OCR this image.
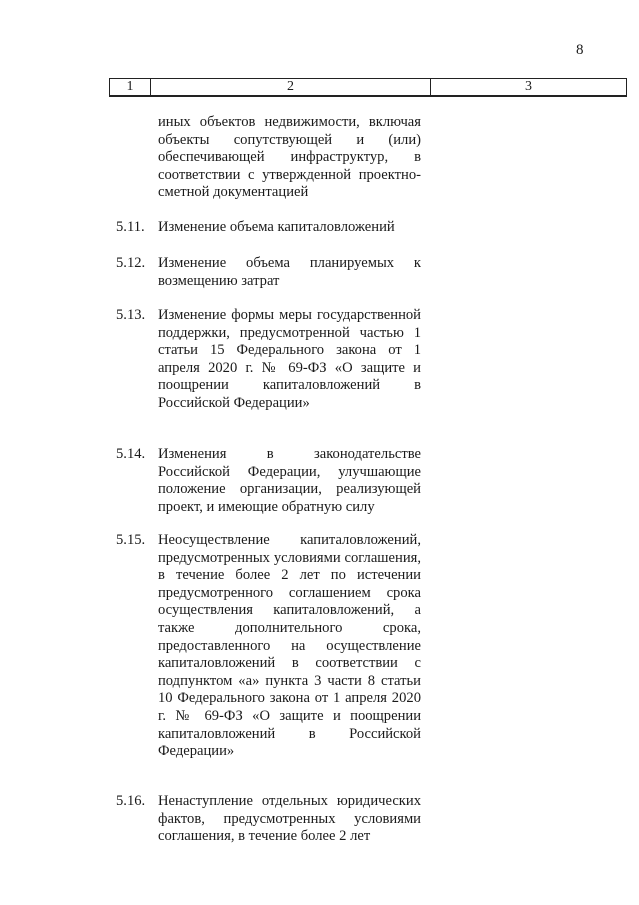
8
1	2	3
иных объектов недвижимости, включая объекты сопутствующей и (или) обеспечивающей инфраструктур, в соответствии с утвержденной проектно-сметной документацией
5.11. Изменение объема капиталовложений
5.12. Изменение объема планируемых к возмещению затрат
5.13. Изменение формы меры государственной поддержки, предусмотренной частью 1 статьи 15 Федерального закона от 1 апреля 2020 г. № 69-ФЗ «О защите и поощрении капиталовложений в Российской Федерации»
5.14. Изменения в законодательстве Российской Федерации, улучшающие положение организации, реализующей проект, и имеющие обратную силу
5.15. Неосуществление капиталовложений, предусмотренных условиями соглашения, в течение более 2 лет по истечении предусмотренного соглашением срока осуществления капиталовложений, а также дополнительного срока, предоставленного на осуществление капиталовложений в соответствии с подпунктом «а» пункта 3 части 8 статьи 10 Федерального закона от 1 апреля 2020 г. № 69-ФЗ «О защите и поощрении капиталовложений в Российской Федерации»
5.16. Ненаступление отдельных юридических фактов, предусмотренных условиями соглашения, в течение более 2 лет
